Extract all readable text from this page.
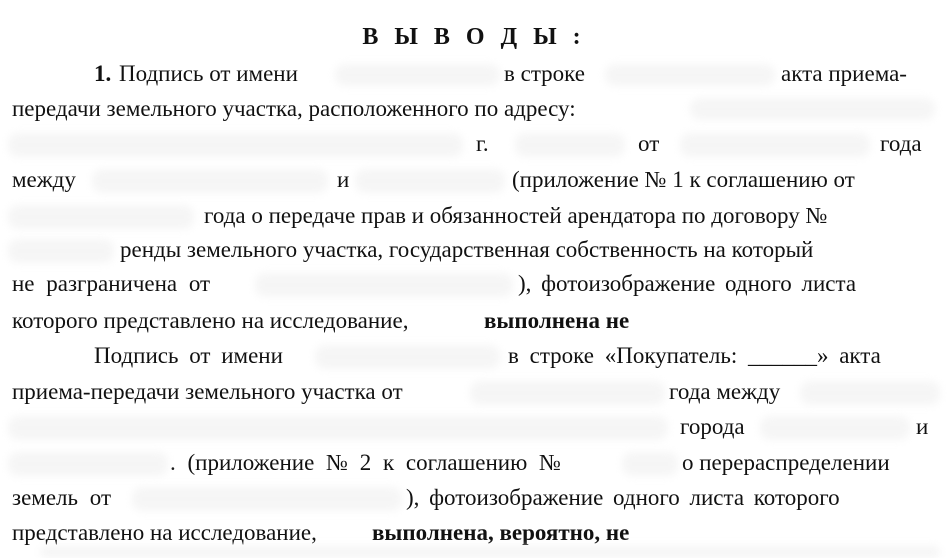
В Ы В О Д Ы :
1. Подпись от имени	в строке	акта приема-
передачи земельного участка, расположенного по адресу:
г.	от	года
между	и	(приложение № 1 к соглашению от
года о передаче прав и обязанностей арендатора по договору №
ренды земельного участка, государственная собственность на который
не разграничена от	), фотоизображение одного листа
которого представлено на исследование,	выполнена не
Подпись от имени	в строке «Покупатель: ______» акта
приема-передачи земельного участка от	года между
города	и
. (приложение № 2 к соглашению №	о перераспределении
земель от	), фотоизображение одного листа которого
представлено на исследование, выполнена, вероятно, не
